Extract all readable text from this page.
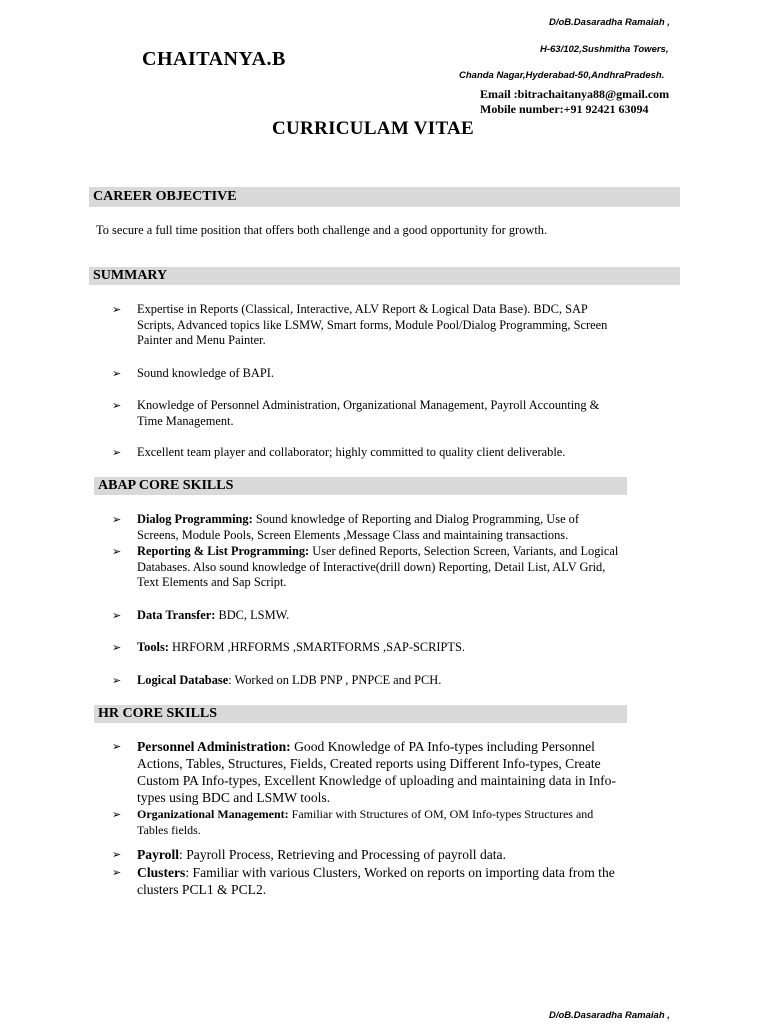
D/oB.Dasaradha Ramaiah ,
H-63/102,Sushmitha Towers,
Chanda Nagar,Hyderabad-50,AndhraPradesh.
CHAITANYA.B
Email :bitrachaitanya88@gmail.com
Mobile number:+91 92421 63094
CURRICULAM VITAE
CAREER OBJECTIVE
To secure a full time position that offers both challenge and a good opportunity for growth.
SUMMARY
➢ Expertise in Reports (Classical, Interactive, ALV Report & Logical Data Base). BDC, SAP
Scripts, Advanced topics like LSMW, Smart forms, Module Pool/Dialog Programming, Screen
Painter and Menu Painter.
➢ Sound knowledge of BAPI.
➢ Knowledge of Personnel Administration, Organizational Management, Payroll Accounting &
Time Management.
➢ Excellent team player and collaborator; highly committed to quality client deliverable.
ABAP CORE SKILLS
➢ Dialog Programming: Sound knowledge of Reporting and Dialog Programming, Use of
Screens, Module Pools, Screen Elements ,Message Class and maintaining transactions.
➢ Reporting & List Programming: User defined Reports, Selection Screen, Variants, and Logical
Databases. Also sound knowledge of Interactive(drill down) Reporting, Detail List, ALV Grid,
Text Elements and Sap Script.
➢ Data Transfer: BDC, LSMW.
➢ Tools: HRFORM ,HRFORMS ,SMARTFORMS ,SAP-SCRIPTS.
➢ Logical Database: Worked on LDB PNP , PNPCE and PCH.
HR CORE SKILLS
➢ Personnel Administration: Good Knowledge of PA Info-types including Personnel
Actions, Tables, Structures, Fields, Created reports using Different Info-types, Create
Custom PA Info-types, Excellent Knowledge of uploading and maintaining data in Info-
types using BDC and LSMW tools.
➢ Organizational Management: Familiar with Structures of OM, OM Info-types Structures and
Tables fields.
➢ Payroll: Payroll Process, Retrieving and Processing of payroll data.
➢ Clusters: Familiar with various Clusters, Worked on reports on importing data from the
clusters PCL1 & PCL2.
D/oB.Dasaradha Ramaiah ,
